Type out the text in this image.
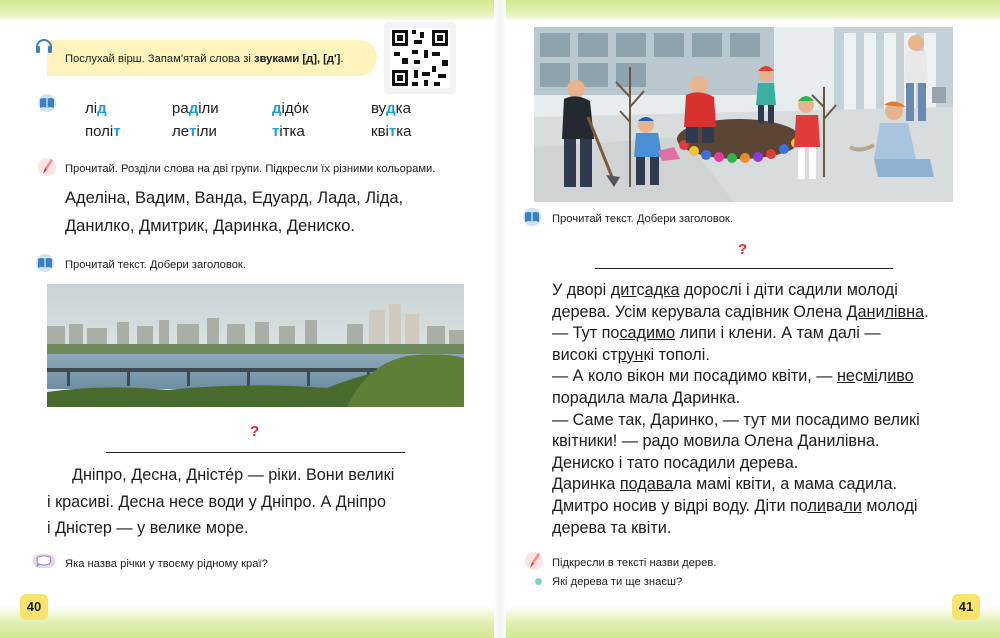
Послухай вірш. Запам'ятай слова зі звуками [д], [д'].
лід	раділи	дідо́к	вудка
політ	летіли	тітка	квітка
Прочитай. Розділи слова на дві групи. Підкресли їх різними кольорами.
Аделіна, Вадим, Ванда, Едуард, Лада, Ліда,
Данилко, Дмитрик, Даринка, Дениско.
Прочитай текст. Добери заголовок.
?
Дніпро, Десна, Дністе́р — ріки. Вони великі
і красиві. Десна несе води у Дніпро. А Дніпро
і Дністер — у велике море.
Яка назва річки у твоєму рідному краї?
40
Прочитай текст. Добери заголовок.
?
У дворі дитсадка дорослі і діти садили молоді
дерева. Усім керувала садівник Олена Данилівна.
— Тут посадимо липи і клени. А там далі —
високі стрункі тополі.
— А коло вікон ми посадимо квіти, — несміливо
порадила мала Даринка.
— Саме так, Даринко, — тут ми посадимо великі
квітники! — радо мовила Олена Данилівна.
Дениско і тато посадили дерева.
Даринка подавала мамі квіти, а мама садила.
Дмитро носив у відрі воду. Діти поливали молоді
дерева та квіти.
Підкресли в тексті назви дерев.
Які дерева ти ще знаєш?
41
